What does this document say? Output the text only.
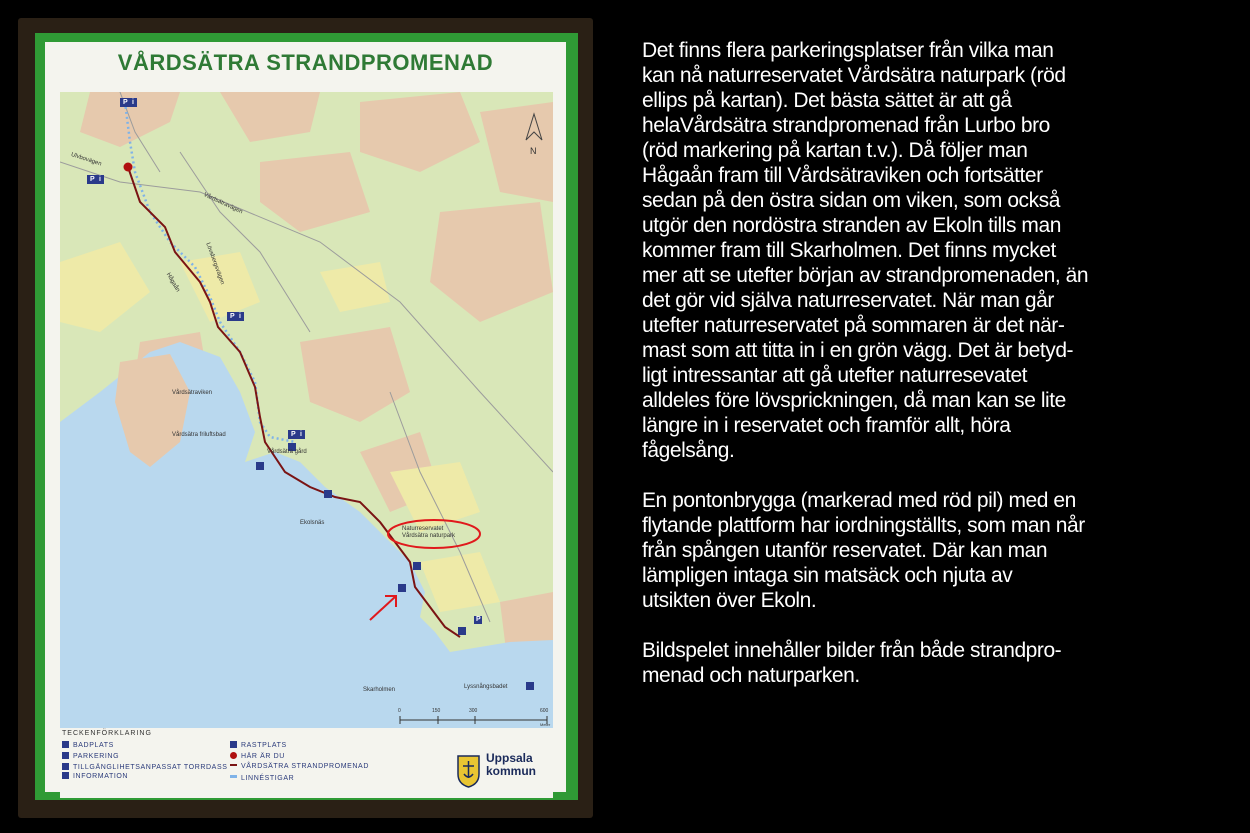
VÅRDSÄTRA STRANDPROMENAD
Ulvbovägen
Vårdsätravägen
Lövsbergsvägen
Hågaån
Vårdsätraviken
Vårdsätra friluftsbad
Vårdsätra gård
Ekolsnäs
Skarholmen	Lyssnångsbadet
Naturreservatet
Vårdsätra naturpark
N
0	150	300	600
Meter
P i
P i
P i
P i
P
TECKENFÖRKLARING
BADPLATS
PARKERING
TILLGÄNGLIHETSANPASSAT TORRDASS
INFORMATION
RASTPLATS
HÄR ÄR DU
VÅRDSÄTRA STRANDPROMENAD
LINNÉSTIGAR
Uppsala
kommun

Det finns flera parkeringsplatser från vilka man
kan nå naturreservatet Vårdsätra naturpark (röd
ellips på kartan). Det bästa sättet är att gå
helaVårdsätra strandpromenad från Lurbo bro
(röd markering på kartan t.v.). Då följer man
Hågaån fram till Vårdsätraviken och fortsätter
sedan på den östra sidan om viken, som också
utgör den nordöstra stranden av Ekoln tills man
kommer fram till Skarholmen. Det finns mycket
mer att se utefter början av strandpromenaden, än
det gör vid själva naturreservatet. När man går
utefter naturreservatet på sommaren är det när-
mast som att titta in i en grön vägg. Det är betyd-
ligt intressantar att gå utefter naturresevatet
alldeles före lövsprickningen, då man kan se lite
längre in i reservatet och framför allt, höra
fågelsång.

En pontonbrygga (markerad med röd pil) med en
flytande plattform har iordningställts, som man når
från spången utanför reservatet. Där kan man
lämpligen intaga sin matsäck och njuta av
utsikten över Ekoln.

Bildspelet innehåller bilder från både strandpro-
menad och naturparken.
